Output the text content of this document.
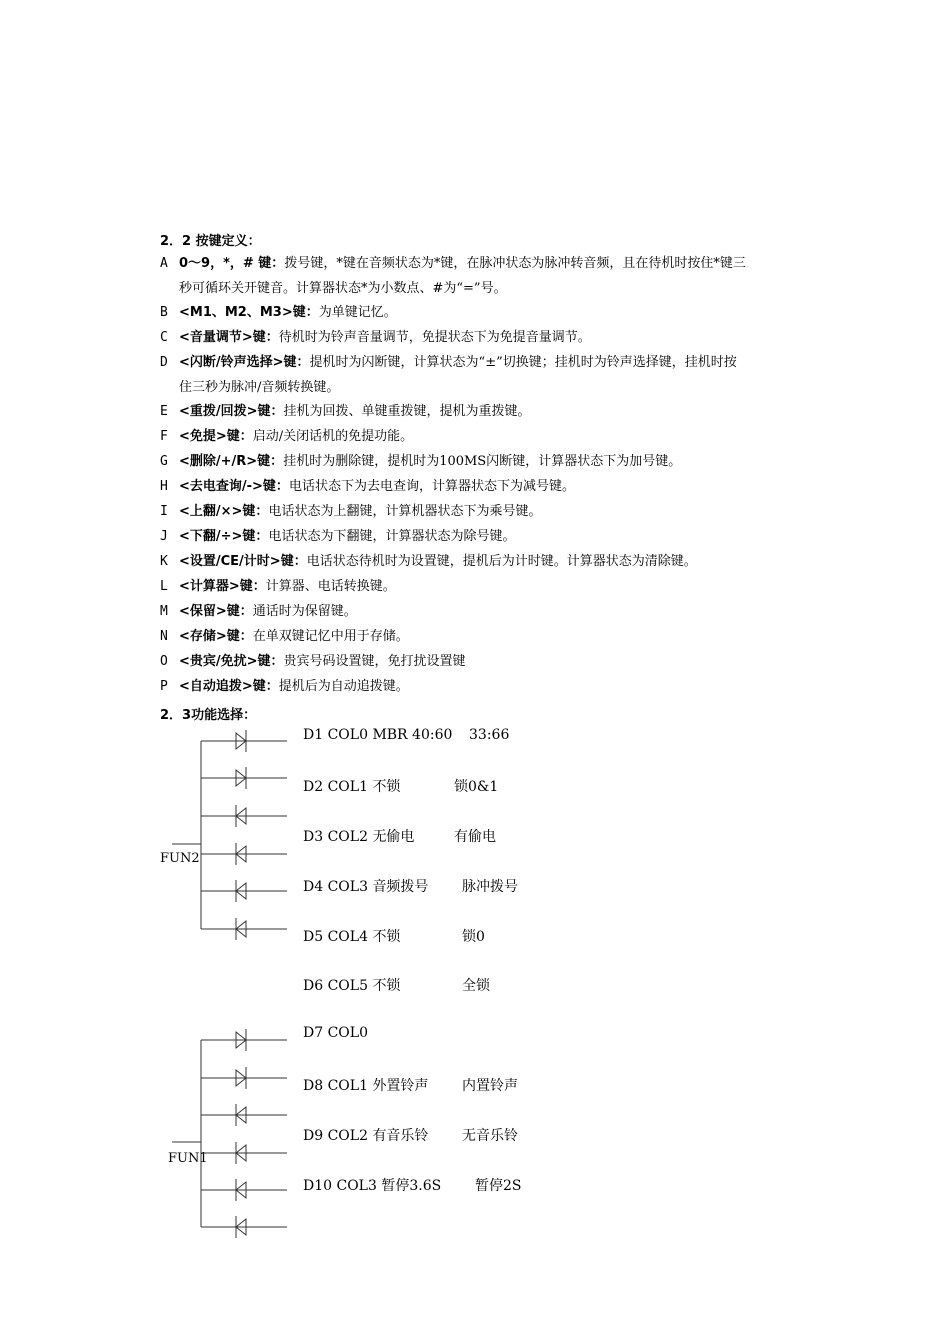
2．2 按键定义：
A 0～9，*，# 键：拨号键，*键在音频状态为*键，在脉冲状态为脉冲转音频，且在待机时按住*键三
秒可循环关开键音。计算器状态*为小数点、#为“=”号。
B <M1、M2、M3>键：为单键记忆。
C <音量调节>键：待机时为铃声音量调节，免提状态下为免提音量调节。
D <闪断/铃声选择>键：提机时为闪断键，计算状态为“±”切换键；挂机时为铃声选择键，挂机时按
住三秒为脉冲/音频转换键。
E <重拨/回拨>键：挂机为回拨、单键重拨键，提机为重拨键。
F <免提>键：启动/关闭话机的免提功能。
G <删除/+/R>键：挂机时为删除键，提机时为100MS闪断键，计算器状态下为加号键。
H <去电查询/->键：电话状态下为去电查询，计算器状态下为减号键。
I <上翻/×>键：电话状态为上翻键，计算机器状态下为乘号键。
J <下翻/÷>键：电话状态为下翻键，计算器状态为除号键。
K <设置/CE/计时>键：电话状态待机时为设置键，提机后为计时键。计算器状态为清除键。
L <计算器>键：计算器、电话转换键。
M <保留>键：通话时为保留键。
N <存储>键：在单双键记忆中用于存储。
O <贵宾/免扰>键：贵宾号码设置键，免打扰设置键
P <自动追拨>键：提机后为自动追拨键。
2．3功能选择：
FUN2
FUN1
D1 COL0 MBR 40:60 33:66
D2 COL1 不锁	锁0&1
D3 COL2 无偷电	有偷电
D4 COL3 音频拨号 脉冲拨号
D5 COL4 不锁	锁0
D6 COL5 不锁	全锁
D7 COL0
D8 COL1 外置铃声 内置铃声
D9 COL2 有音乐铃 无音乐铃
D10 COL3 暂停3.6S 暂停2S
